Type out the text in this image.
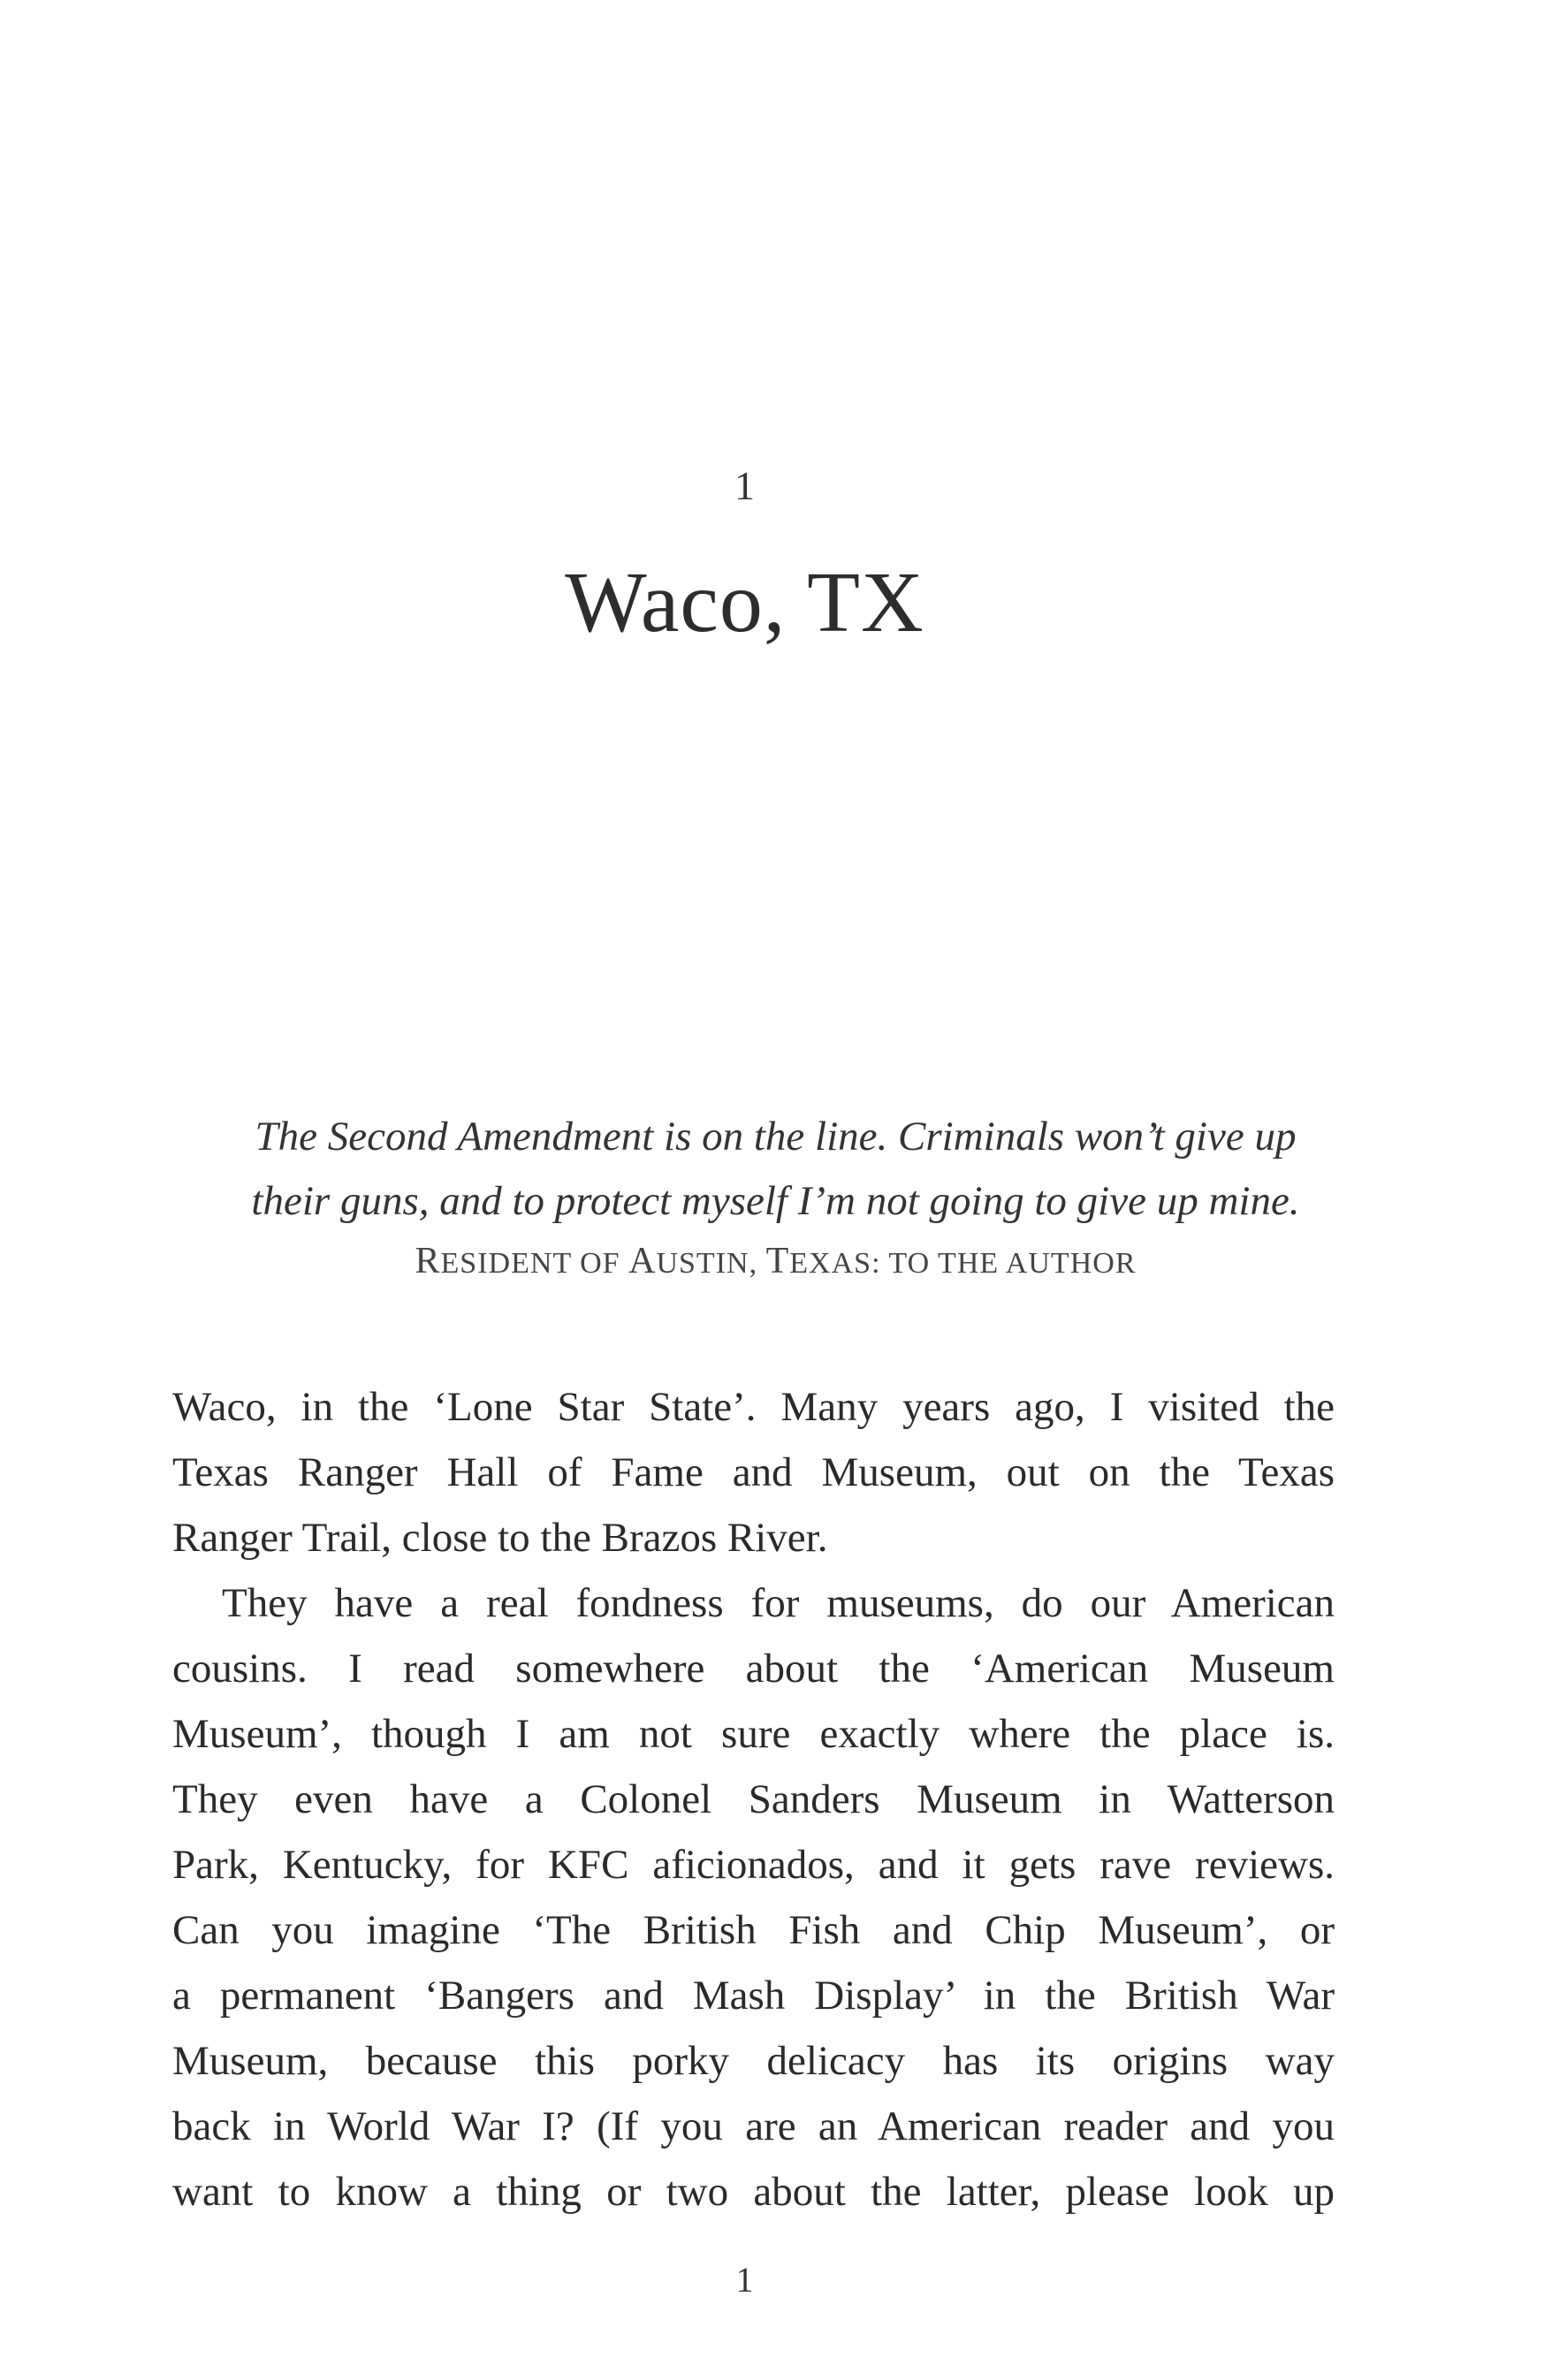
1
Waco, TX
The Second Amendment is on the line. Criminals won’t give up
their guns, and to protect myself I’m not going to give up mine.
RESIDENT OF AUSTIN, TEXAS: TO THE AUTHOR
Waco, in the ‘Lone Star State’. Many years ago, I visited the
Texas Ranger Hall of Fame and Museum, out on the Texas
Ranger Trail, close to the Brazos River.
They have a real fondness for museums, do our American
cousins. I read somewhere about the ‘American Museum
Museum’, though I am not sure exactly where the place is.
They even have a Colonel Sanders Museum in Watterson
Park, Kentucky, for KFC aficionados, and it gets rave reviews.
Can you imagine ‘The British Fish and Chip Museum’, or
a permanent ‘Bangers and Mash Display’ in the British War
Museum, because this porky delicacy has its origins way
back in World War I? (If you are an American reader and you
want to know a thing or two about the latter, please look up
1
